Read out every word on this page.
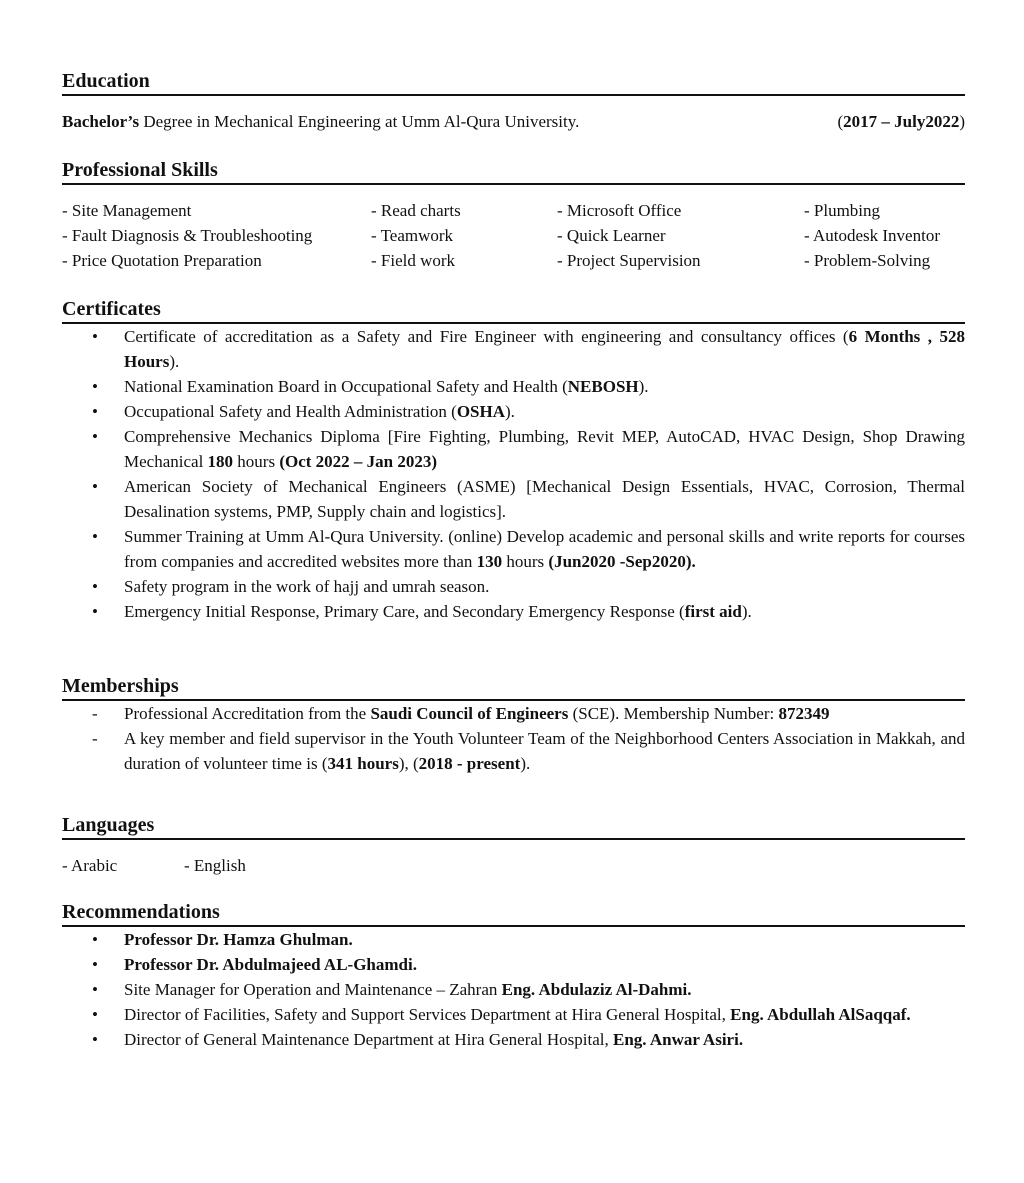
Education
Bachelor’s Degree in Mechanical Engineering at Umm Al-Qura University.	(2017 – July2022)
Professional Skills
- Site Management	- Read charts	- Microsoft Office	- Plumbing
- Fault Diagnosis & Troubleshooting	- Teamwork	- Quick Learner	- Autodesk Inventor
- Price Quotation Preparation	- Field work	- Project Supervision	- Problem-Solving
Certificates
• Certificate of accreditation as a Safety and Fire Engineer with engineering and consultancy offices (6 Months , 528 Hours).
• National Examination Board in Occupational Safety and Health (NEBOSH).
• Occupational Safety and Health Administration (OSHA).
• Comprehensive Mechanics Diploma [Fire Fighting, Plumbing, Revit MEP, AutoCAD, HVAC Design, Shop Drawing Mechanical 180 hours (Oct 2022 – Jan 2023)
• American Society of Mechanical Engineers (ASME) [Mechanical Design Essentials, HVAC, Corrosion, Thermal Desalination systems, PMP, Supply chain and logistics].
• Summer Training at Umm Al-Qura University. (online) Develop academic and personal skills and write reports for courses from companies and accredited websites more than 130 hours (Jun2020 -Sep2020).
• Safety program in the work of hajj and umrah season.
• Emergency Initial Response, Primary Care, and Secondary Emergency Response (first aid).
Memberships
- Professional Accreditation from the Saudi Council of Engineers (SCE). Membership Number: 872349
- A key member and field supervisor in the Youth Volunteer Team of the Neighborhood Centers Association in Makkah, and duration of volunteer time is (341 hours), (2018 - present).
Languages
- Arabic	- English
Recommendations
• Professor Dr. Hamza Ghulman.
• Professor Dr. Abdulmajeed AL-Ghamdi.
• Site Manager for Operation and Maintenance – Zahran Eng. Abdulaziz Al-Dahmi.
• Director of Facilities, Safety and Support Services Department at Hira General Hospital, Eng. Abdullah AlSaqqaf.
• Director of General Maintenance Department at Hira General Hospital, Eng. Anwar Asiri.
